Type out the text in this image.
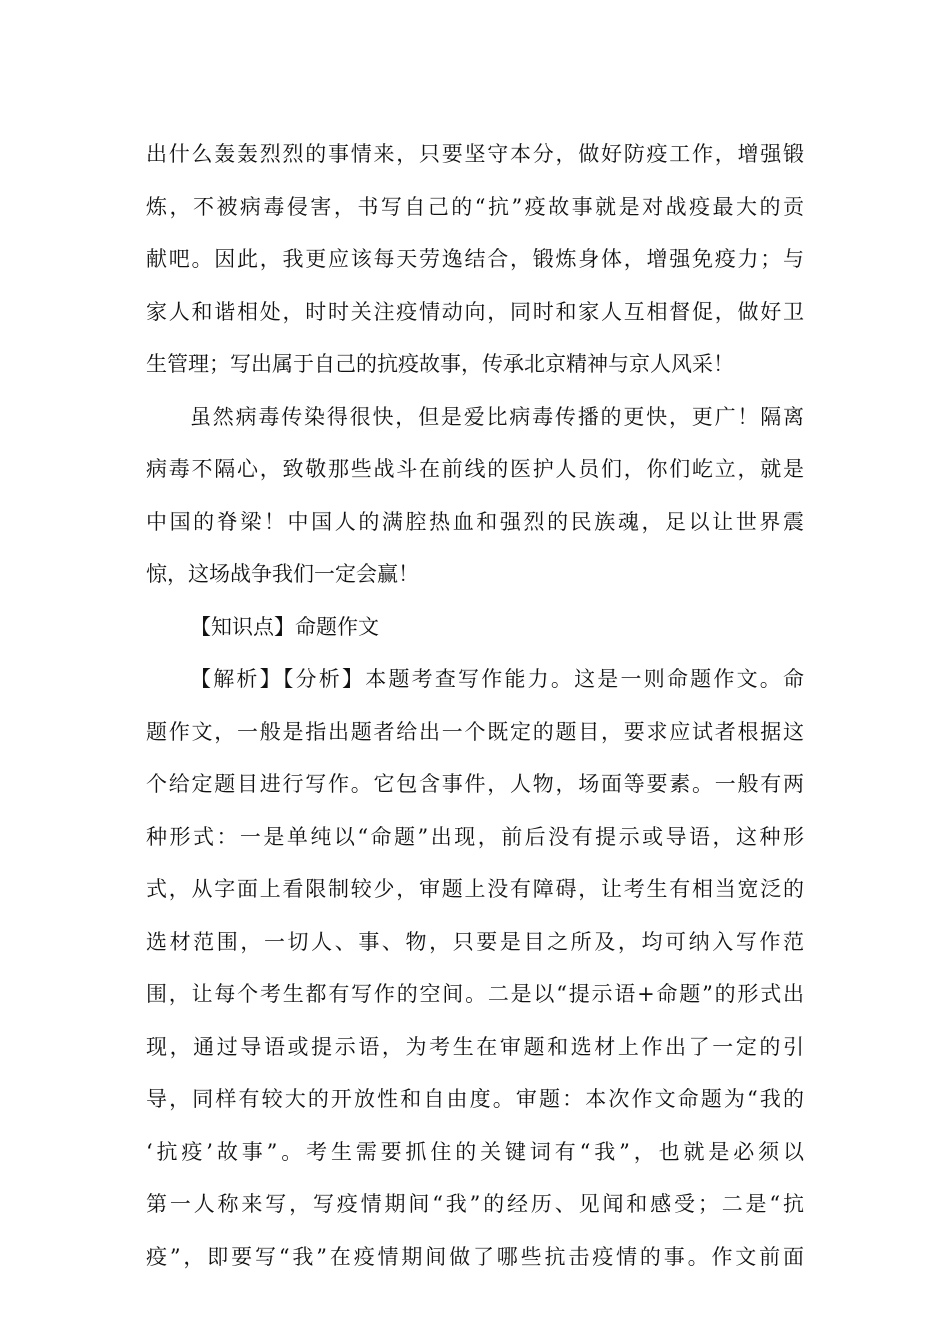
出什么轰轰烈烈的事情来，只要坚守本分，做好防疫工作，增强锻
炼，不被病毒侵害，书写自己的“抗”疫故事就是对战疫最大的贡
献吧。因此，我更应该每天劳逸结合，锻炼身体，增强免疫力；与
家人和谐相处，时时关注疫情动向，同时和家人互相督促，做好卫
生管理；写出属于自己的抗疫故事，传承北京精神与京人风采！
虽然病毒传染得很快，但是爱比病毒传播的更快，更广！隔离
病毒不隔心，致敬那些战斗在前线的医护人员们，你们屹立，就是
中国的脊梁！中国人的满腔热血和强烈的民族魂，足以让世界震
惊，这场战争我们一定会赢！
【知识点】命题作文
【解析】【分析】本题考查写作能力。这是一则命题作文。命
题作文，一般是指出题者给出一个既定的题目，要求应试者根据这
个给定题目进行写作。它包含事件，人物，场面等要素。一般有两
种形式：一是单纯以“命题”出现，前后没有提示或导语，这种形
式，从字面上看限制较少，审题上没有障碍，让考生有相当宽泛的
选材范围，一切人、事、物，只要是目之所及，均可纳入写作范
围，让每个考生都有写作的空间。二是以“提示语+命题”的形式出
现，通过导语或提示语，为考生在审题和选材上作出了一定的引
导，同样有较大的开放性和自由度。审题：本次作文命题为“我的
‘抗疫’故事”。考生需要抓住的关键词有“我”，也就是必须以
第一人称来写，写疫情期间“我”的经历、见闻和感受；二是“抗
疫”，即要写“我”在疫情期间做了哪些抗击疫情的事。作文前面
